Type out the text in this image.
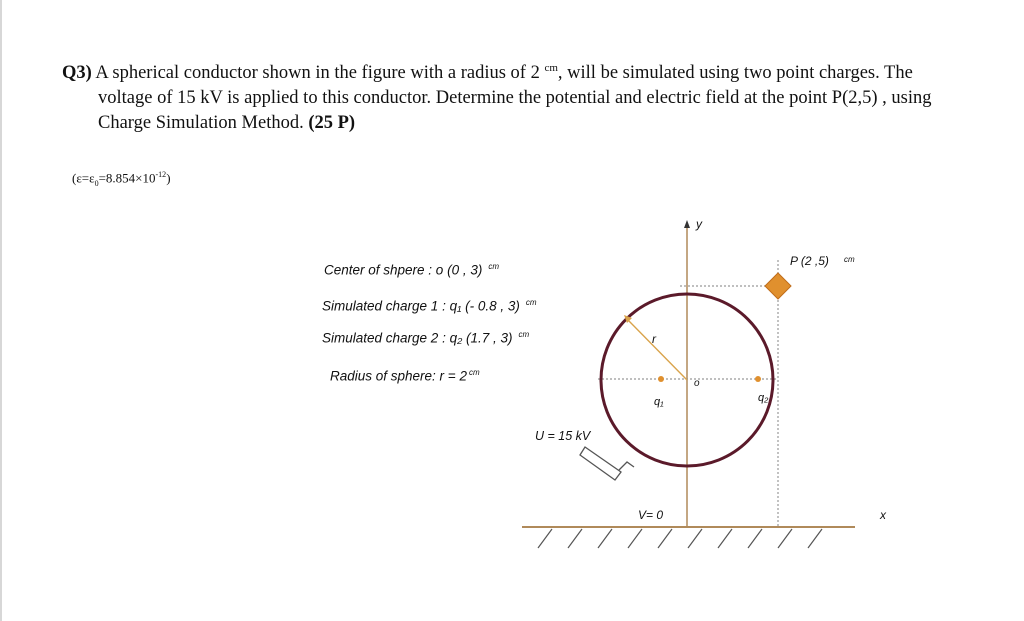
Q3) A spherical conductor shown in the figure with a radius of 2 $^{cm}$, will be simulated using two point charges. The
voltage of 15 kV is applied to this conductor. Determine the potential and electric field at the point P(2,5) , using
Charge Simulation Method. (25 P)
$(\varepsilon=\varepsilon_0=8.854\times 10^{-12})$
Center of shpere : o (0 , 3) $^{cm}$
Simulated charge 1 : q₁ (- 0.8 , 3) $^{cm}$
Simulated charge 2 : q₂ (1.7 , 3) $^{cm}$
Radius of sphere: r = 2 $^{cm}$
y
x
r
o
q₁	q₂
P (2 ,5) cm
U = 15 kV
V= 0
